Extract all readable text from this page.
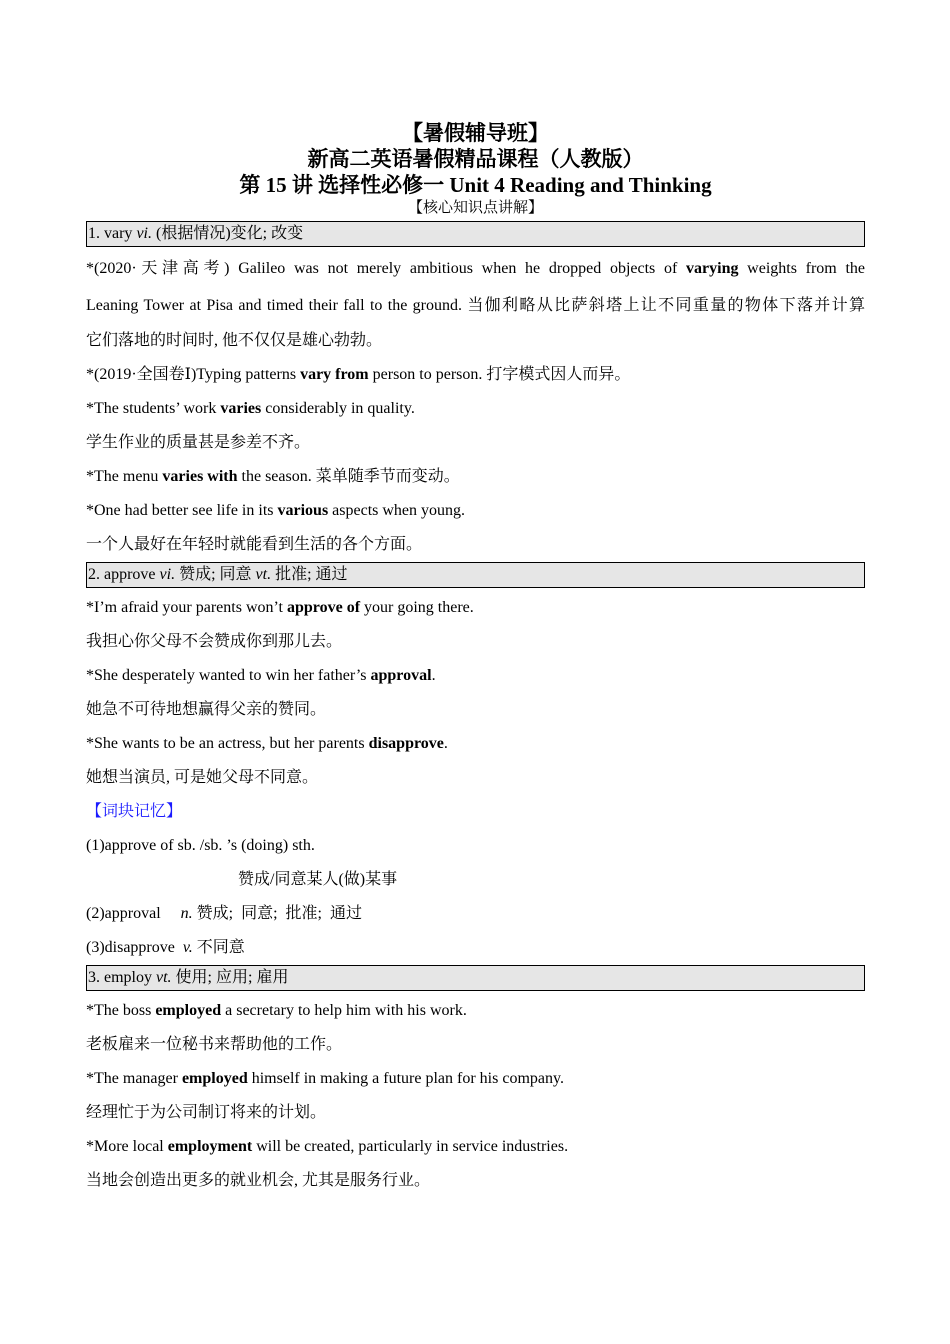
【暑假辅导班】
新高二英语暑假精品课程（人教版）
第 15 讲 选择性必修一 Unit 4 Reading and Thinking
【核心知识点讲解】
1. vary vi. (根据情况)变化; 改变
*(2020·天津高考) Galileo was not merely ambitious when he dropped objects of varying weights from the
Leaning Tower at Pisa and timed their fall to the ground. 当伽利略从比萨斜塔上让不同重量的物体下落并计算
它们落地的时间时, 他不仅仅是雄心勃勃。
*(2019·全国卷Ⅰ)Typing patterns vary from person to person. 打字模式因人而异。
*The students’ work varies considerably in quality.
学生作业的质量甚是参差不齐。
*The menu varies with the season. 菜单随季节而变动。
*One had better see life in its various aspects when young.
一个人最好在年轻时就能看到生活的各个方面。
2. approve vi. 赞成; 同意 vt. 批准; 通过
*I’m afraid your parents won’t approve of your going there.
我担心你父母不会赞成你到那儿去。
*She desperately wanted to win her father’s approval.
她急不可待地想赢得父亲的赞同。
*She wants to be an actress, but her parents disapprove.
她想当演员, 可是她父母不同意。
【词块记忆】
(1)approve of sb. /sb. ’s (doing) sth.
赞成/同意某人(做)某事
(2)approval     n. 赞成;  同意;  批准;  通过
(3)disapprove  v. 不同意
3. employ vt. 使用; 应用; 雇用
*The boss employed a secretary to help him with his work.
老板雇来一位秘书来帮助他的工作。
*The manager employed himself in making a future plan for his company.
经理忙于为公司制订将来的计划。
*More local employment will be created, particularly in service industries.
当地会创造出更多的就业机会, 尤其是服务行业。
